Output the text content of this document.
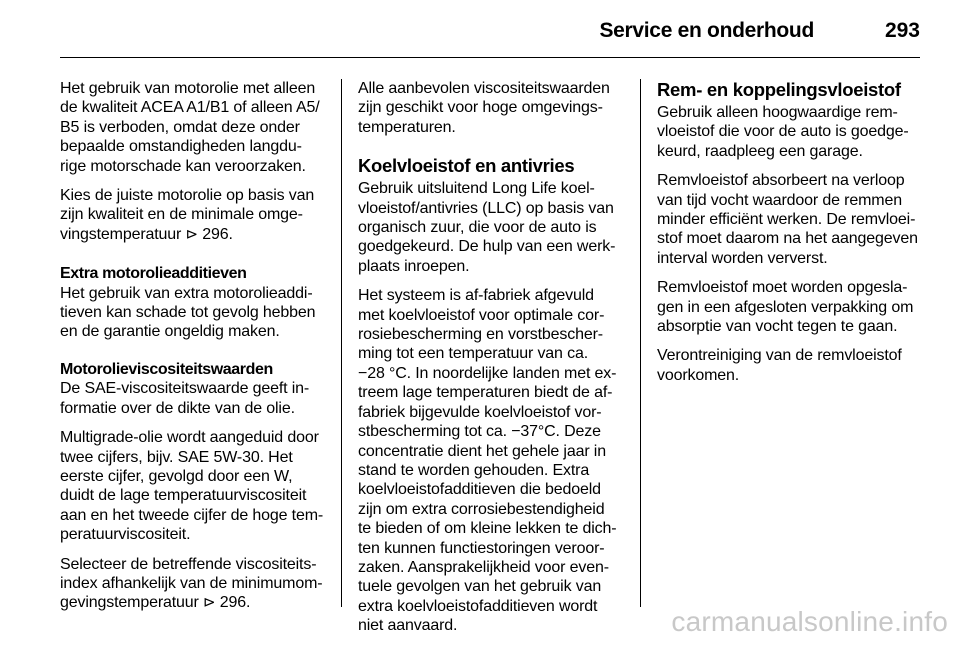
Service en onderhoud	293

Het gebruik van motorolie met alleen
de kwaliteit ACEA A1/B1 of alleen A5/
B5 is verboden, omdat deze onder
bepaalde omstandigheden langdu-
rige motorschade kan veroorzaken.

Kies de juiste motorolie op basis van
zijn kwaliteit en de minimale omge-
vingstemperatuur ⊳ 296.

Extra motorolieadditieven

Het gebruik van extra motorolieaddi-
tieven kan schade tot gevolg hebben
en de garantie ongeldig maken.

Motorolieviscositeitswaarden

De SAE-viscositeitswaarde geeft in-
formatie over de dikte van de olie.

Multigrade-olie wordt aangeduid door
twee cijfers, bijv. SAE 5W-30. Het
eerste cijfer, gevolgd door een W,
duidt de lage temperatuurviscositeit
aan en het tweede cijfer de hoge tem-
peratuurviscositeit.

Selecteer de betreffende viscositeits-
index afhankelijk van de minimumom-
gevingstemperatuur ⊳ 296.

Alle aanbevolen viscositeitswaarden
zijn geschikt voor hoge omgevings-
temperaturen.

Koelvloeistof en antivries

Gebruik uitsluitend Long Life koel-
vloeistof/antivries (LLC) op basis van
organisch zuur, die voor de auto is
goedgekeurd. De hulp van een werk-
plaats inroepen.

Het systeem is af-fabriek afgevuld
met koelvloeistof voor optimale cor-
rosiebescherming en vorstbescher-
ming tot een temperatuur van ca.
−28 °C. In noordelijke landen met ex-
treem lage temperaturen biedt de af-
fabriek bijgevulde koelvloeistof vor-
stbescherming tot ca. −37°C. Deze
concentratie dient het gehele jaar in
stand te worden gehouden. Extra
koelvloeistofadditieven die bedoeld
zijn om extra corrosiebestendigheid
te bieden of om kleine lekken te dich-
ten kunnen functiestoringen veroor-
zaken. Aansprakelijkheid voor even-
tuele gevolgen van het gebruik van
extra koelvloeistofadditieven wordt
niet aanvaard.

Rem- en koppelingsvloeistof

Gebruik alleen hoogwaardige rem-
vloeistof die voor de auto is goedge-
keurd, raadpleeg een garage.

Remvloeistof absorbeert na verloop
van tijd vocht waardoor de remmen
minder efficiënt werken. De remvloei-
stof moet daarom na het aangegeven
interval worden ververst.

Remvloeistof moet worden opgesla-
gen in een afgesloten verpakking om
absorptie van vocht tegen te gaan.

Verontreiniging van de remvloeistof
voorkomen.

carmanualsonline.info
